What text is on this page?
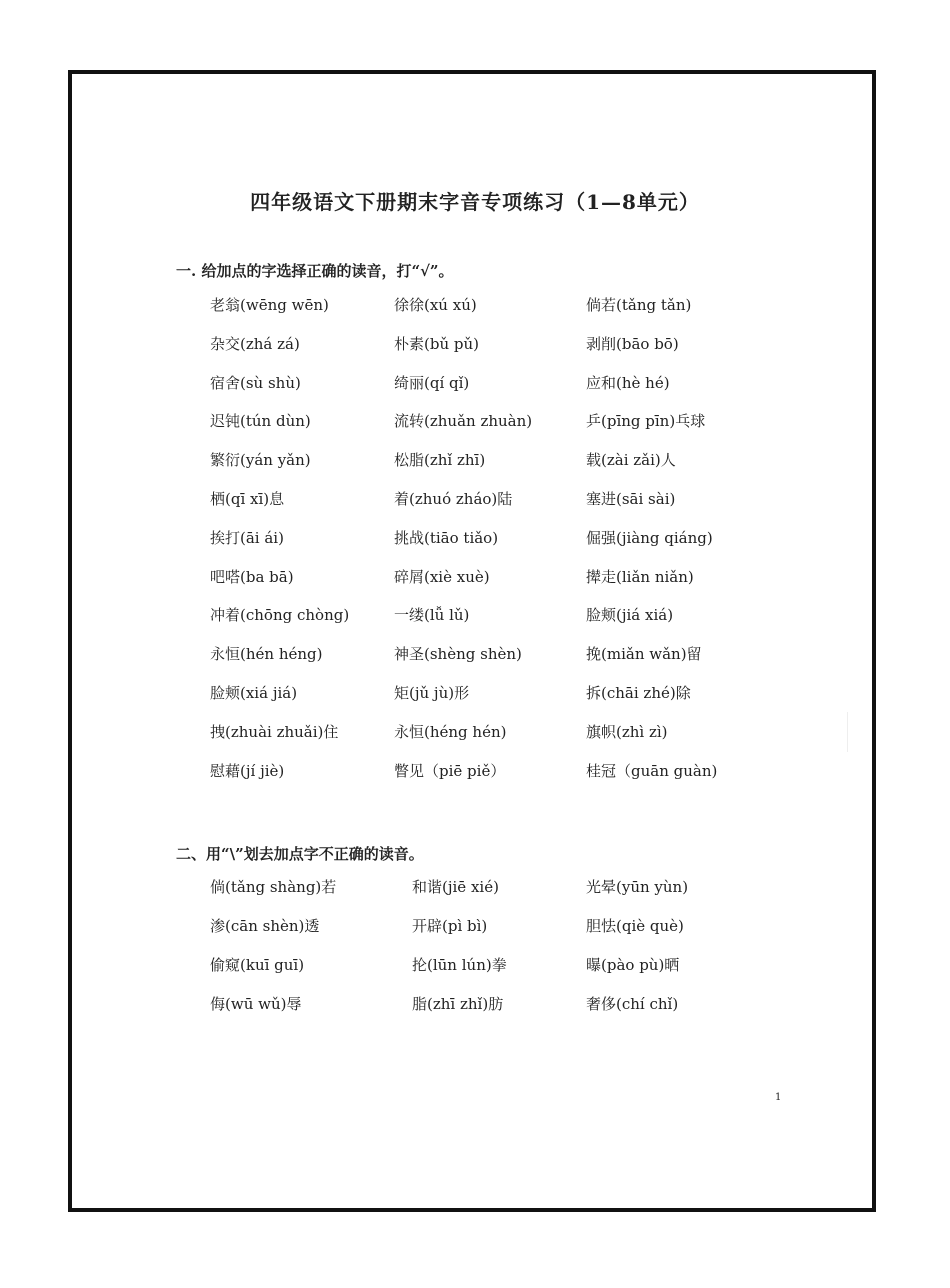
四年级语文下册期末字音专项练习（1—8单元）
一. 给加点的字选择正确的读音，打“√”。
老翁(wēng wēn)	徐徐(xú xú)	倘若(tǎng tǎn)
杂交(zhá zá)	朴素(bǔ pǔ)	剥削(bāo bō)
宿舍(sù shù)	绮丽(qí qǐ)	应和(hè hé)
迟钝(tún dùn)	流转(zhuǎn zhuàn)	乒(pīng pīn)乓球
繁衍(yán yǎn)	松脂(zhǐ zhī)	载(zài zǎi)人
栖(qī xī)息	着(zhuó zháo)陆	塞进(sāi sài)
挨打(āi ái)	挑战(tiāo tiǎo)	倔强(jiàng qiáng)
吧嗒(ba bā)	碎屑(xiè xuè)	撵走(liǎn niǎn)
冲着(chōng chòng)	一缕(lǚ lǔ)	脸颊(jiá xiá)
永恒(hén héng)	神圣(shèng shèn)	挽(miǎn wǎn)留
脸颊(xiá jiá)	矩(jǔ jù)形	拆(chāi zhé)除
拽(zhuài zhuǎi)住	永恒(héng hén)	旗帜(zhì zì)
慰藉(jí jiè)	瞥见（piē piě）	桂冠（guān guàn)
二、用“\”划去加点字不正确的读音。
倘(tǎng shàng)若	和谐(jiē xié)	光晕(yūn yùn)
渗(cān shèn)透	开辟(pì bì)	胆怯(qiè què)
偷窥(kuī guī)	抡(lūn lún)拳	曝(pào pù)晒
侮(wū wǔ)辱	脂(zhī zhǐ)肪	奢侈(chí chǐ)
1
